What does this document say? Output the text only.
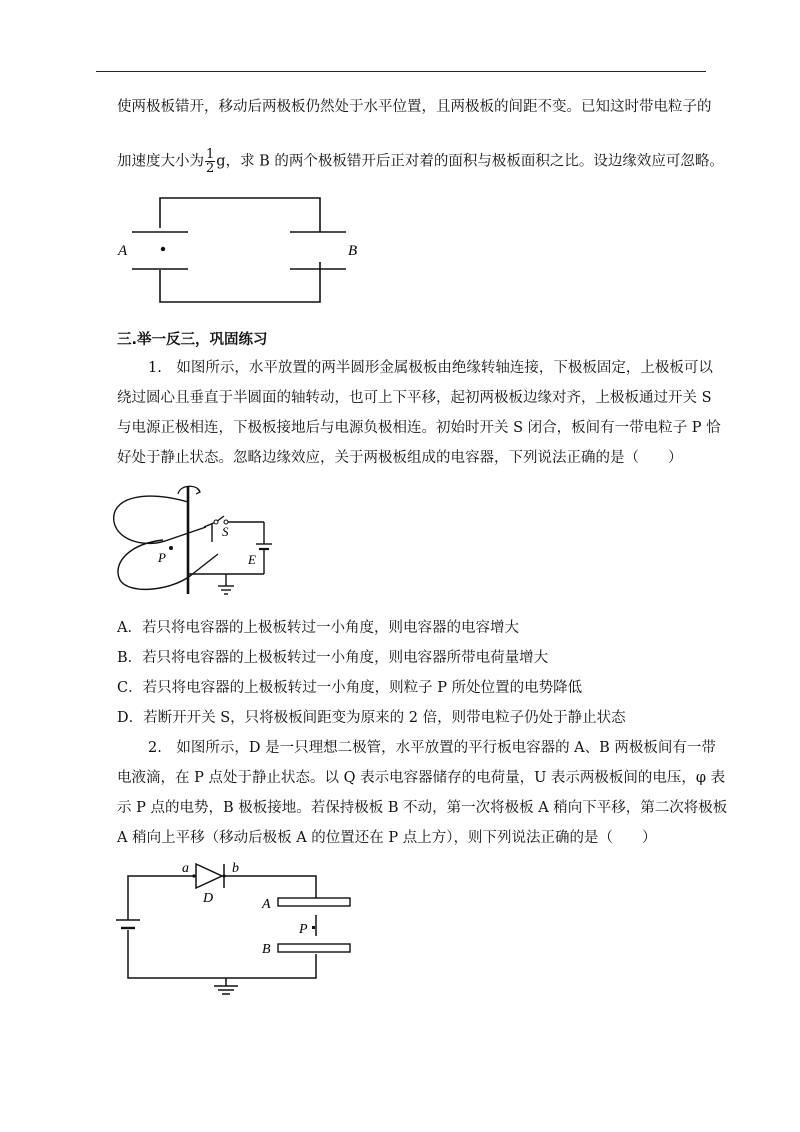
使两极板错开，移动后两极板仍然处于水平位置，且两极板的间距不变。已知这时带电粒子的
加速度大小为 $\frac{1}{2}$ g，求 B 的两个极板错开后正对着的面积与极板面积之比。设边缘效应可忽略。
A	B
三.举一反三，巩固练习
1.　如图所示，水平放置的两半圆形金属极板由绝缘转轴连接，下极板固定，上极板可以
绕过圆心且垂直于半圆面的轴转动，也可上下平移，起初两极板边缘对齐，上极板通过开关 S
与电源正极相连，下极板接地后与电源负极相连。初始时开关 S 闭合，板间有一带电粒子 P 恰
好处于静止状态。忽略边缘效应，关于两极板组成的电容器，下列说法正确的是（　　）
S
E
P
A．若只将电容器的上极板转过一小角度，则电容器的电容增大
B．若只将电容器的上极板转过一小角度，则电容器所带电荷量增大
C．若只将电容器的上极板转过一小角度，则粒子 P 所处位置的电势降低
D．若断开开关 S，只将极板间距变为原来的 2 倍，则带电粒子仍处于静止状态
2.　如图所示，D 是一只理想二极管，水平放置的平行板电容器的 A、B 两极板间有一带
电液滴，在 P 点处于静止状态。以 Q 表示电容器储存的电荷量，U 表示两极板间的电压，φ 表
示 P 点的电势，B 极板接地。若保持极板 B 不动，第一次将极板 A 稍向下平移，第二次将极板
A 稍向上平移（移动后极板 A 的位置还在 P 点上方），则下列说法正确的是（　　）
a	b
D	A
B
P
